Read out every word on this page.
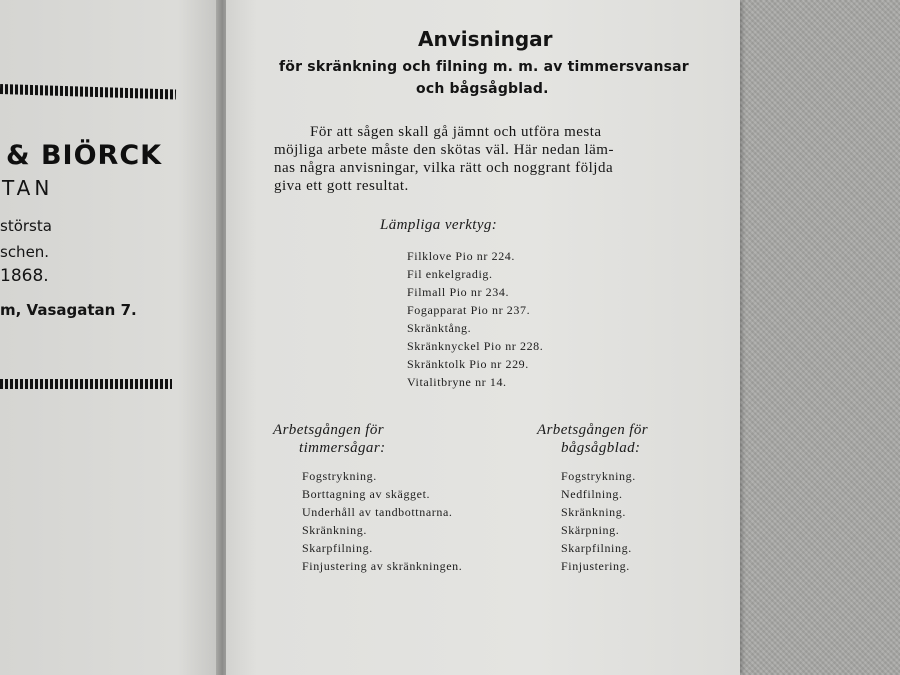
& BIÖRCK
TAN
största
schen.
1868.
m, Vasagatan 7.
Anvisningar
för skränkning och filning m. m. av timmersvansar
och bågsågblad.
För att sågen skall gå jämnt och utföra mesta
möjliga arbete måste den skötas väl. Här nedan läm-
nas några anvisningar, vilka rätt och noggrant följda
giva ett gott resultat.
Lämpliga verktyg:
Filklove Pio nr 224.
Fil enkelgradig.
Filmall Pio nr 234.
Fogapparat Pio nr 237.
Skränktång.
Skränknyckel Pio nr 228.
Skränktolk Pio nr 229.
Vitalitbryne nr 14.
Arbetsgången för
timmersågar:
Fogstrykning.
Borttagning av skägget.
Underhåll av tandbottnarna.
Skränkning.
Skarpfilning.
Finjustering av skränkningen.
Arbetsgången för
bågsågblad:
Fogstrykning.
Nedfilning.
Skränkning.
Skärpning.
Skarpfilning.
Finjustering.
